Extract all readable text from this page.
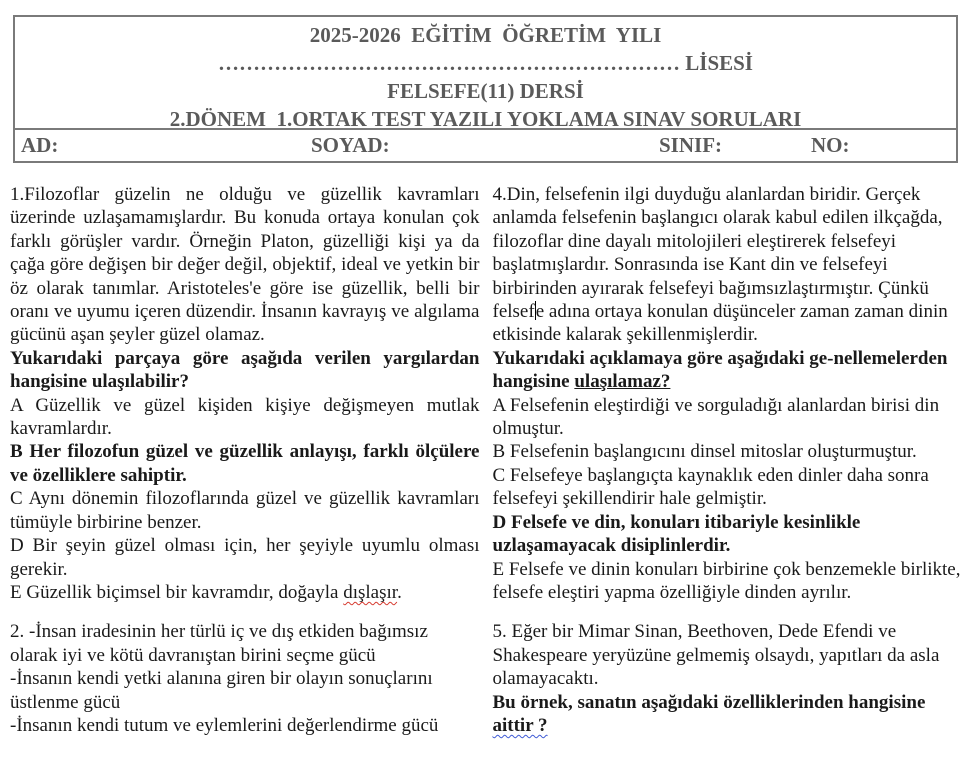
2025-2026  EĞİTİM  ÖĞRETİM  YILI
………………………………………………………… LİSESİ
FELSEFE(11) DERSİ
2.DÖNEM  1.ORTAK TEST YAZILI YOKLAMA SINAV SORULARI
AD:	SOYAD:	SINIF:	NO:

1.Filozoflar güzelin ne olduğu ve güzellik kavramları üzerinde uzlaşamamışlardır. Bu konuda ortaya konulan çok farklı görüşler vardır. Örneğin Platon, güzelliği kişi ya da çağa göre değişen bir değer değil, objektif, ideal ve yetkin bir öz olarak tanımlar. Aristoteles'e göre ise güzellik, belli bir oranı ve uyumu içeren düzendir. İnsanın kavrayış ve algılama gücünü aşan şeyler güzel olamaz.

Yukarıdaki parçaya göre aşağıda verilen yargılardan hangisine ulaşılabilir?

A Güzellik ve güzel kişiden kişiye değişmeyen mutlak kavramlardır.

B Her filozofun güzel ve güzellik anlayışı, farklı ölçülere ve özelliklere sahiptir.

C Aynı dönemin filozoflarında güzel ve güzellik kavramları tümüyle birbirine benzer.

D Bir şeyin güzel olması için, her şeyiyle uyumlu olması gerekir.

E Güzellik biçimsel bir kavramdır, doğayla dışlaşır.

2. -İnsan iradesinin her türlü iç ve dış etkiden bağımsız olarak iyi ve kötü davranıştan birini seçme gücü

-İnsanın kendi yetki alanına giren bir olayın sonuçlarını üstlenme gücü

-İnsanın kendi tutum ve eylemlerini değerlendirme gücü

4.Din, felsefenin ilgi duyduğu alanlardan biridir. Gerçek anlamda felsefenin başlangıcı olarak kabul edilen ilkçağda, filozoflar dine dayalı mitolojileri eleştirerek felsefeyi başlatmışlardır. Sonrasında ise Kant din ve felsefeyi birbirinden ayırarak felsefeyi bağımsızlaştırmıştır. Çünkü felsefe adına ortaya konulan düşünceler zaman zaman dinin etkisinde kalarak şekillenmişlerdir.

Yukarıdaki açıklamaya göre aşağıdaki ge-nellemelerden hangisine ulaşılamaz?

A Felsefenin eleştirdiği ve sorguladığı alanlardan birisi din olmuştur.

B Felsefenin başlangıcını dinsel mitoslar oluşturmuştur.

C Felsefeye başlangıçta kaynaklık eden dinler daha sonra felsefeyi şekillendirir hale gelmiştir.

D Felsefe ve din, konuları itibariyle kesinlikle uzlaşamayacak disiplinlerdir.

E Felsefe ve dinin konuları birbirine çok benzemekle birlikte, felsefe eleştiri yapma özelliğiyle dinden ayrılır.

5. Eğer bir Mimar Sinan, Beethoven, Dede Efendi ve Shakespeare yeryüzüne gelmemiş olsaydı, yapıtları da asla olamayacaktı.

Bu örnek, sanatın aşağıdaki özelliklerinden hangisine aittir ?
